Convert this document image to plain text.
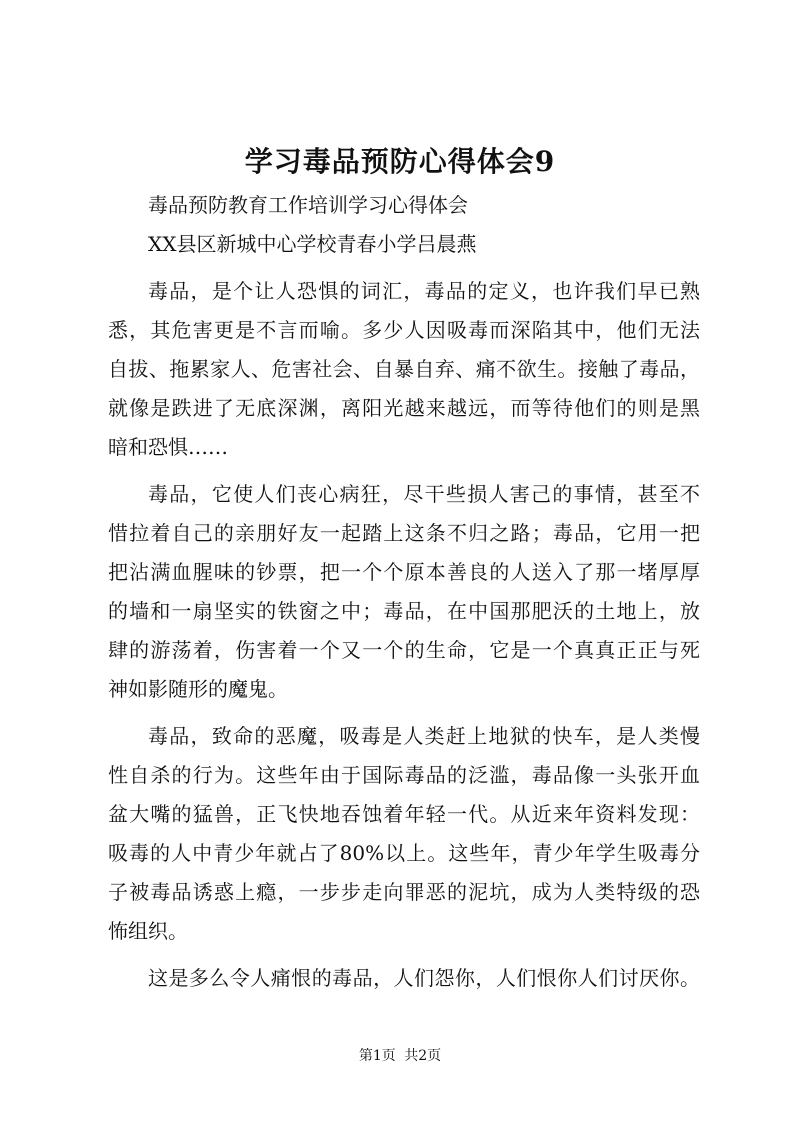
学习毒品预防心得体会9
毒品预防教育工作培训学习心得体会
XX县区新城中心学校青春小学吕晨燕
毒品，是个让人恐惧的词汇，毒品的定义，也许我们早已熟
悉，其危害更是不言而喻。多少人因吸毒而深陷其中，他们无法
自拔、拖累家人、危害社会、自暴自弃、痛不欲生。接触了毒品，
就像是跌进了无底深渊，离阳光越来越远，而等待他们的则是黑
暗和恐惧……
毒品，它使人们丧心病狂，尽干些损人害己的事情，甚至不
惜拉着自己的亲朋好友一起踏上这条不归之路；毒品，它用一把
把沾满血腥味的钞票，把一个个原本善良的人送入了那一堵厚厚
的墙和一扇坚实的铁窗之中；毒品，在中国那肥沃的土地上，放
肆的游荡着，伤害着一个又一个的生命，它是一个真真正正与死
神如影随形的魔鬼。
毒品，致命的恶魔，吸毒是人类赶上地狱的快车，是人类慢
性自杀的行为。这些年由于国际毒品的泛滥，毒品像一头张开血
盆大嘴的猛兽，正飞快地吞蚀着年轻一代。从近来年资料发现：
吸毒的人中青少年就占了80%以上。这些年，青少年学生吸毒分
子被毒品诱惑上瘾，一步步走向罪恶的泥坑，成为人类特级的恐
怖组织。
这是多么令人痛恨的毒品，人们怨你，人们恨你人们讨厌你。
第1页 共2页
